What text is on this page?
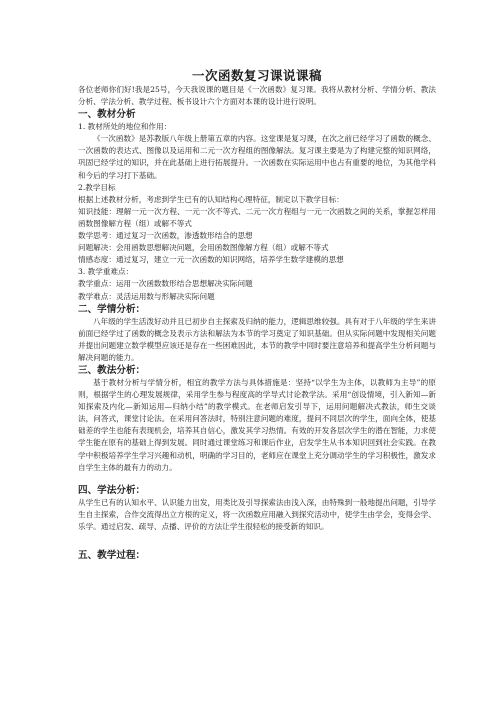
一次函数复习课说课稿

各位老师你们好!我是25号，今天我说课的题目是《一次函数》复习课。我将从教材分析、学情分析、教法分析、学法分析、教学过程、板书设计六个方面对本课的设计进行说明。

一、教材分析

1. 教材所处的地位和作用：

《一次函数》是苏教版八年级上册第五章的内容。这堂课是复习课，在次之前已经学习了函数的概念、一次函数的表达式、图像以及运用和二元一次方程组的图像解法。复习课主要是为了构建完整的知识网络，巩固已经学过的知识，并在此基础上进行拓展提升。一次函数在实际运用中也占有重要的地位，为其他学科和今后的学习打下基础。

2.教学目标

根据上述教材分析，考虑到学生已有的认知结构心理特征，制定以下教学目标：

知识技能：理解一元一次方程、一元一次不等式、二元一次方程组与一元一次函数之间的关系，掌握怎样用函数图像解方程（组）或解不等式

数学思考：通过复习一次函数，渗透数形结合的思想

问题解决：会用函数思想解决问题，会用函数图像解方程（组）或解不等式

情感态度：通过复习，建立一元一次函数的知识网络，培养学生数学建模的思想

3. 教学重难点：

教学重点：运用一次函数数形结合思想解决实际问题

教学难点：灵活运用数与形解决实际问题

二、学情分析：

八年级的学生活泼好动并且已初步自主探索及归纳的能力，逻辑思维较强。具有对于八年级的学生来讲前面已经学过了函数的概念及表示方法和解法为本节的学习奠定了知识基础。但从实际问题中发现相关问题并提出问题建立数学模型应该还是存在一些困难因此，本节的教学中同时要注意培养和提高学生分析问题与解决问题的能力。

三、教法分析：

基于教材分析与学情分析，相宜的教学方法与具体措施是：坚持“以学生为主体，以教师为主导”的原则，根据学生的心理发展规律，采用学生参与程度高的学导式讨论教学法。采用“创设情境，引入新知—新知探索及内化—新知运用—归纳小结”的教学模式。在老师启发引导下，运用问题解决式教法，师生交谈法，问答式，课堂讨论法。在采用问答法时，特别注意问题的难度，提问不同层次的学生，面向全体，使基础差的学生也能有表现机会，培养其自信心，激发其学习热情。有效的开发各层次学生的潜在智能，力求使学生能在原有的基础上得到发展。同时通过课堂练习和课后作业，启发学生从书本知识回到社会实践。在教学中积极培养学生学习兴趣和动机，明确的学习目的，老师应在课堂上充分调动学生的学习积极性，激发求自学生主体的最有力的动力。

四、学法分析：

从学生已有的认知水平、认识能力出发，用类比及引导探索法由浅入深，由特殊到一般地提出问题，引导学生自主探索，合作交流得出立方根的定义，将一次函数应用融入到探究活动中，使学生由学会，变得会学、乐学。通过启发、疏导、点播、评价的方法让学生很轻松的接受新的知识。

五、教学过程：
